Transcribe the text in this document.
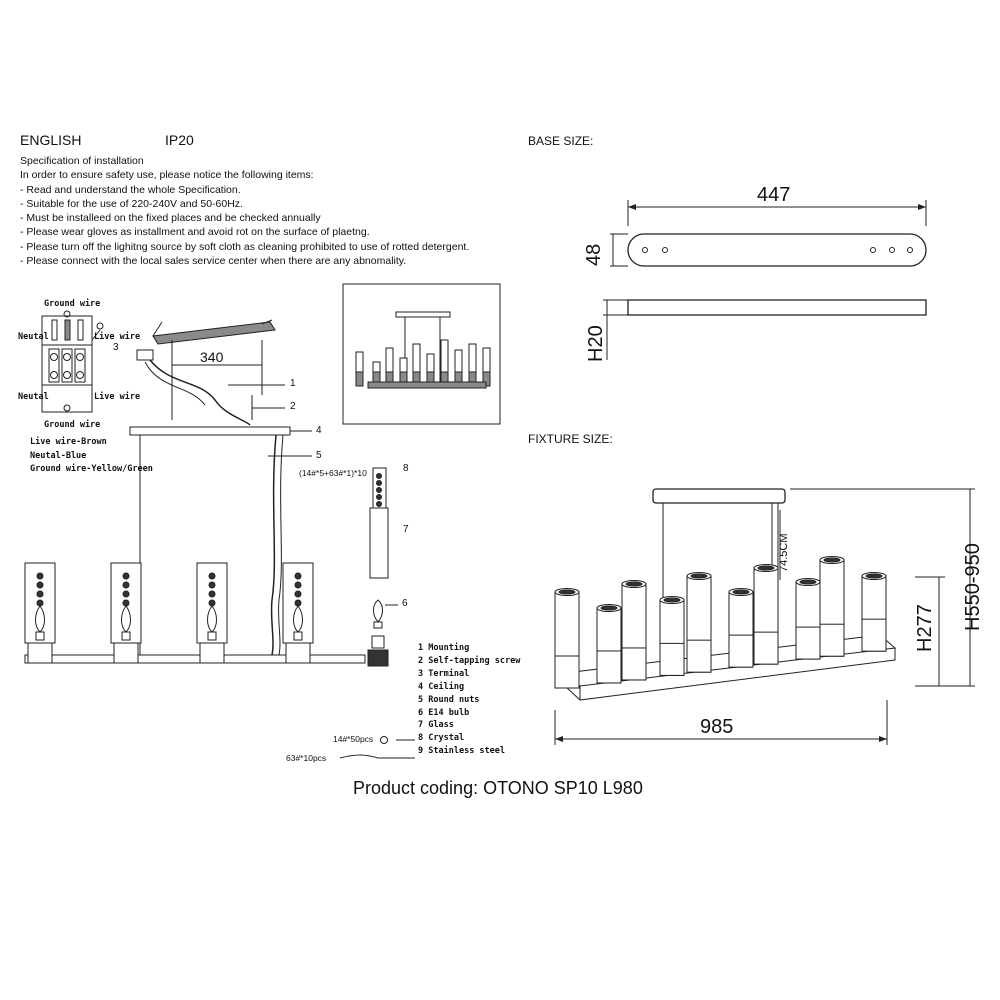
ENGLISH	IP20
Specification of installation
In order to ensure safety use, please notice the following items:
- Read and understand the whole Specification.
- Suitable for the use of 220-240V and 50-60Hz.
- Must be installeed on the fixed places and be checked annually
- Please wear gloves as installment and avoid rot on the surface of plaetng.
- Please turn off the lighitng source by soft cloth as cleaning prohibited to use of rotted detergent.
- Please connect with the local sales service center when there are any abnomality.
Ground wire
Neutal	Live wire
Neutal	Live wire
Ground wire
Live wire-Brown
Neutal-Blue
Ground wire-Yellow/Green
340
3
1
2
4
5
(14#*5+63#*1)*10	8
7
6
1 Mounting
2 Self-tapping screw
3 Terminal
4 Ceiling
5 Round nuts
6 E14 bulb
7 Glass
8 Crystal
9 Stainless steel
14#*50pcs
63#*10pcs
BASE SIZE:
447
48
H20
FIXTURE SIZE:
985
H277 H550-950
74.5CM
Product coding: OTONO SP10 L980
